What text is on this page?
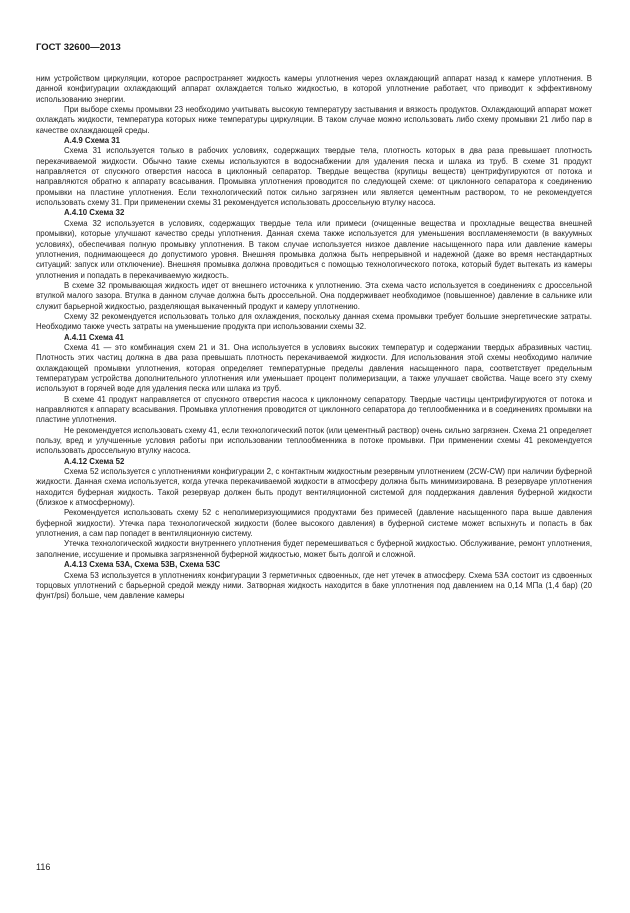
ГОСТ 32600—2013

ним устройством циркуляции, которое распространяет жидкость камеры уплотнения через охлаждающий аппарат назад к камере уплотнения. В данной конфигурации охлаждающий аппарат охлаждается только жидкостью, в которой уплотнение работает, что приводит к эффективному использованию энергии.

При выборе схемы промывки 23 необходимо учитывать высокую температуру застывания и вязкость продуктов. Охлаждающий аппарат может охлаждать жидкости, температура которых ниже температуры циркуляции. В таком случае можно использовать либо схему промывки 21 либо пар в качестве охлаждающей среды.

А.4.9 Схема 31

Схема 31 используется только в рабочих условиях, содержащих твердые тела, плотность которых в два раза превышает плотность перекачиваемой жидкости. Обычно такие схемы используются в водоснабжении для удаления песка и шлака из труб. В схеме 31 продукт направляется от спускного отверстия насоса в циклонный сепаратор. Твердые вещества (крупицы веществ) центрифугируются от потока и направляются обратно к аппарату всасывания. Промывка уплотнения проводится по следующей схеме: от циклонного сепаратора к соединению промывки на пластине уплотнения. Если технологический поток сильно загрязнен или является цементным раствором, то не рекомендуется использовать схему 31. При применении схемы 31 рекомендуется использовать дроссельную втулку насоса.

А.4.10 Схема 32

Схема 32 используется в условиях, содержащих твердые тела или примеси (очищенные вещества и прохладные вещества внешней промывки), которые улучшают качество среды уплотнения. Данная схема также используется для уменьшения воспламеняемости (в вакуумных условиях), обеспечивая полную промывку уплотнения. В таком случае используется низкое давление насыщенного пара или давление камеры уплотнения, поднимающееся до допустимого уровня. Внешняя промывка должна быть непрерывной и надежной (даже во время нестандартных ситуаций: запуск или отключение). Внешняя промывка должна проводиться с помощью технологического потока, который будет вытекать из камеры уплотнения и попадать в перекачиваемую жидкость.

В схеме 32 промывающая жидкость идет от внешнего источника к уплотнению. Эта схема часто используется в соединениях с дроссельной втулкой малого зазора. Втулка в данном случае должна быть дроссельной. Она поддерживает необходимое (повышенное) давление в сальнике или служит барьерной жидкостью, разделяющая выкаченный продукт и камеру уплотнению.

Схему 32 рекомендуется использовать только для охлаждения, поскольку данная схема промывки требует большие энергетические затраты. Необходимо также учесть затраты на уменьшение продукта при использовании схемы 32.

А.4.11 Схема 41

Схема 41 — это комбинация схем 21 и 31. Она используется в условиях высоких температур и содержании твердых абразивных частиц. Плотность этих частиц должна в два раза превышать плотность перекачиваемой жидкости. Для использования этой схемы необходимо наличие охлаждающей промывки уплотнения, которая определяет температурные пределы давления насыщенного пара, соответствует предельным температурам устройства дополнительного уплотнения или уменьшает процент полимеризации, а также улучшает свойства. Чаще всего эту схему используют в горячей воде для удаления песка или шлака из труб.

В схеме 41 продукт направляется от спускного отверстия насоса к циклонному сепаратору. Твердые частицы центрифугируются от потока и направляются к аппарату всасывания. Промывка уплотнения проводится от циклонного сепаратора до теплообменника и в соединениях промывки на пластине уплотнения.

Не рекомендуется использовать схему 41, если технологический поток (или цементный раствор) очень сильно загрязнен. Схема 21 определяет пользу, вред и улучшенные условия работы при использовании теплообменника в потоке промывки. При применении схемы 41 рекомендуется использовать дроссельную втулку насоса.

А.4.12 Схема 52

Схема 52 используется с уплотнениями конфигурации 2, с контактным жидкостным резервным уплотнением (2CW-CW) при наличии буферной жидкости. Данная схема используется, когда утечка перекачиваемой жидкости в атмосферу должна быть минимизирована. В резервуаре уплотнения находится буферная жидкость. Такой резервуар должен быть продут вентиляционной системой для поддержания давления буферной жидкости (близкое к атмосферному).

Рекомендуется использовать схему 52 с неполимеризующимися продуктами без примесей (давление насыщенного пара выше давления буферной жидкости). Утечка пара технологической жидкости (более высокого давления) в буферной системе может вспыхнуть и попасть в бак уплотнения, а сам пар попадет в вентиляционную систему.

Утечка технологической жидкости внутреннего уплотнения будет перемешиваться с буферной жидкостью. Обслуживание, ремонт уплотнения, заполнение, иссушение и промывка загрязненной буферной жидкостью, может быть долгой и сложной.

А.4.13 Схема 53А, Схема 53В, Схема 53С

Схема 53 используется в уплотнениях конфигурации 3 герметичных сдвоенных, где нет утечек в атмосферу. Схема 53А состоит из сдвоенных торцовых уплотнений с барьерной средой между ними. Затворная жидкость находится в баке уплотнения под давлением на 0,14 МПа (1,4 бар) (20 фунт/psi) больше, чем давление камеры

116
